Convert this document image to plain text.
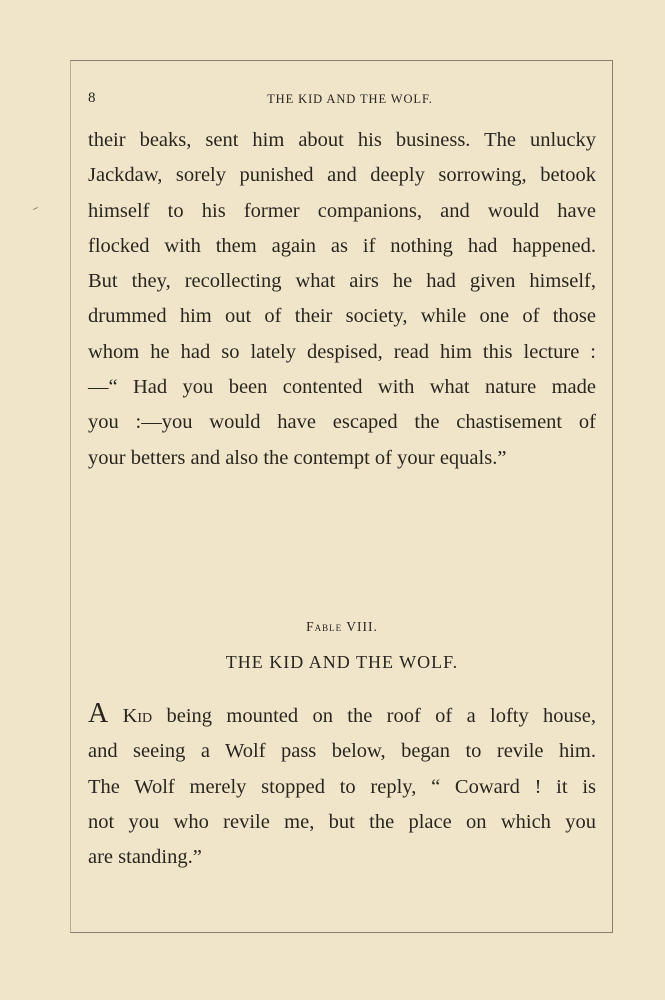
8	THE KID AND THE WOLF.

their beaks, sent him about his business. The unlucky
Jackdaw, sorely punished and deeply sorrowing, betook
himself to his former companions, and would have
flocked with them again as if nothing had happened.
But they, recollecting what airs he had given himself,
drummed him out of their society, while one of those
whom he had so lately despised, read him this lecture :
—“ Had you been contented with what nature made
you :—you would have escaped the chastisement of
your betters and also the contempt of your equals.”

Fable VIII.
THE KID AND THE WOLF.

A Kid being mounted on the roof of a lofty house,
and seeing a Wolf pass below, began to revile him.
The Wolf merely stopped to reply, “ Coward ! it is
not you who revile me, but the place on which you
are standing.”
